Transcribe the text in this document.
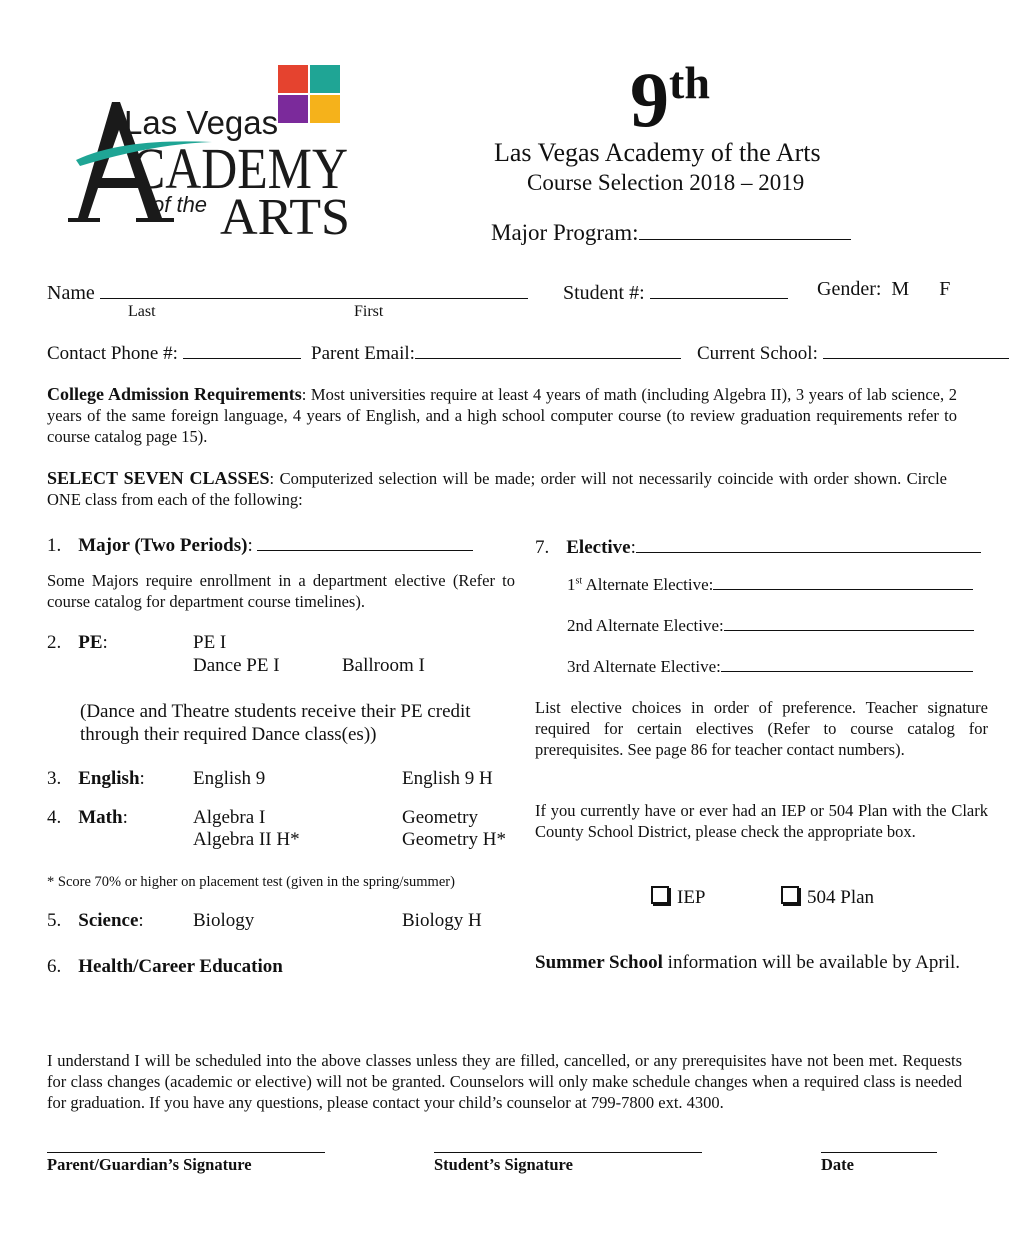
Las Vegas
CADEMY
of the ARTS
9th
Las Vegas Academy of the Arts
Course Selection 2018 – 2019
Major Program:
Name
Last	First
Student #:	Gender: M F
Contact Phone #:	Parent Email:	Current School:
College Admission Requirements: Most universities require at least 4 years of math (including Algebra II), 3 years of lab science, 2 years of the same foreign language, 4 years of English, and a high school computer course (to review graduation requirements refer to course catalog page 15).
SELECT SEVEN CLASSES: Computerized selection will be made; order will not necessarily coincide with order shown. Circle ONE class from each of the following:
1. Major (Two Periods):
Some Majors require enrollment in a department elective (Refer to course catalog for department course timelines).
2. PE:	PE I
Dance PE I	Ballroom I
(Dance and Theatre students receive their PE credit through their required Dance class(es))
3. English:	English 9	English 9 H
4. Math:	Algebra I	Geometry
Algebra II H*	Geometry H*
* Score 70% or higher on placement test (given in the spring/summer)
5. Science:	Biology	Biology H
6. Health/Career Education
7. Elective:
1st Alternate Elective:
2nd Alternate Elective:
3rd Alternate Elective:
List elective choices in order of preference. Teacher signature required for certain electives (Refer to course catalog for prerequisites. See page 86 for teacher contact numbers).
If you currently have or ever had an IEP or 504 Plan with the Clark County School District, please check the appropriate box.
IEP	504 Plan
Summer School information will be available by April.
I understand I will be scheduled into the above classes unless they are filled, cancelled, or any prerequisites have not been met. Requests for class changes (academic or elective) will not be granted. Counselors will only make schedule changes when a required class is needed for graduation. If you have any questions, please contact your child’s counselor at 799-7800 ext. 4300.
Parent/Guardian’s Signature	Student’s Signature	Date
